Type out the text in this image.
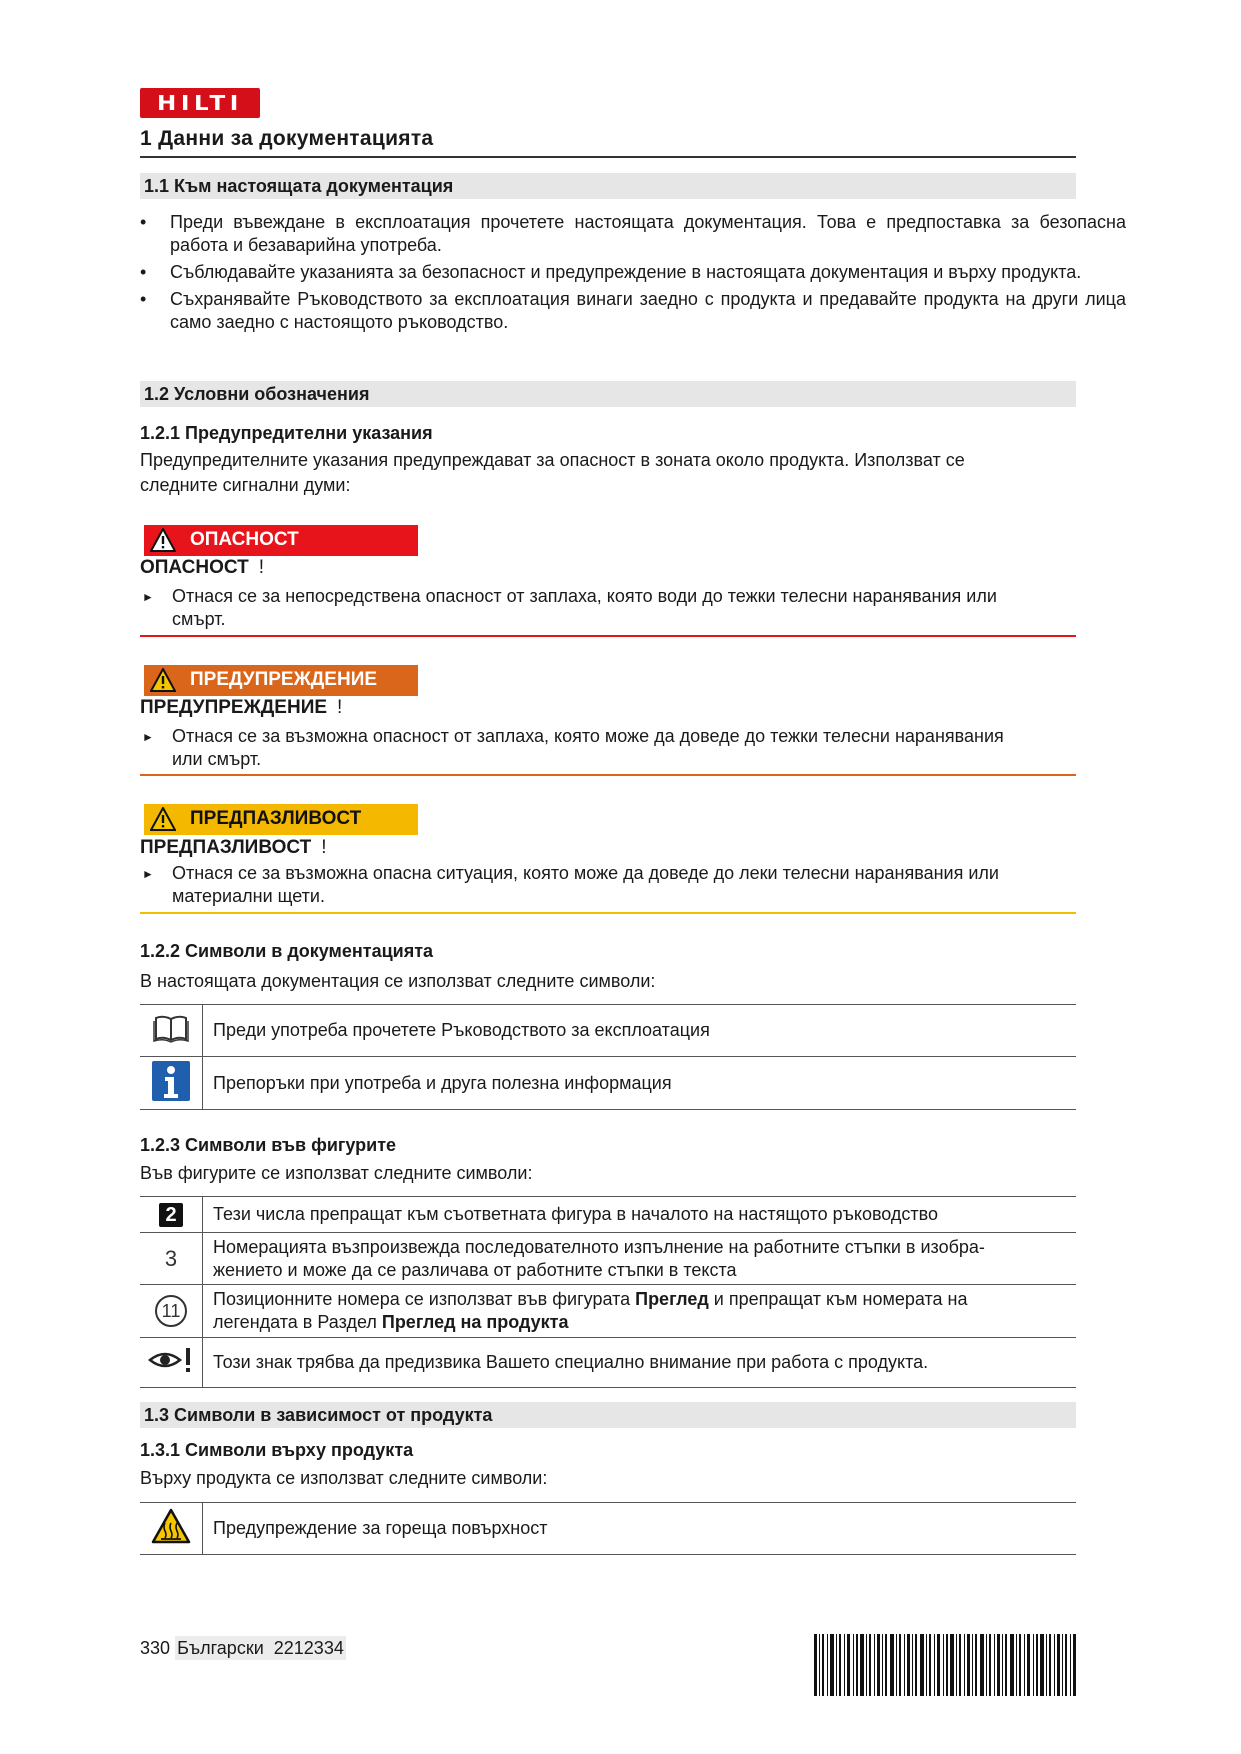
HILTI
1 Данни за документацията
1.1 Към настоящата документация
• Преди въвеждане в експлоатация прочетете настоящата документация. Това е предпоставка за безопасна работа и безаварийна употреба.
• Съблюдавайте указанията за безопасност и предупреждение в настоящата документация и върху продукта.
• Съхранявайте Ръководството за експлоатация винаги заедно с продукта и предавайте продукта на други лица само заедно с настоящото ръководство.
1.2 Условни обозначения
1.2.1 Предупредителни указания
Предупредителните указания предупреждават за опасност в зоната около продукта. Използват се
следните сигнални думи:
ОПАСНОСТ
ОПАСНОСТ !
► Отнася се за непосредствена опасност от заплаха, която води до тежки телесни наранявания или
смърт.
ПРЕДУПРЕЖДЕНИЕ
ПРЕДУПРЕЖДЕНИЕ !
► Отнася се за възможна опасност от заплаха, която може да доведе до тежки телесни наранявания
или смърт.
ПРЕДПАЗЛИВОСТ
ПРЕДПАЗЛИВОСТ !
► Отнася се за възможна опасна ситуация, която може да доведе до леки телесни наранявания или
материални щети.
1.2.2 Символи в документацията
В настоящата документация се използват следните символи:
	Преди употреба прочетете Ръководството за експлоатация
	Препоръки при употреба и друга полезна информация
1.2.3 Символи във фигурите
Във фигурите се използват следните символи:
2	Тези числа препращат към съответната фигура в началото на настящото ръководство
3	Номерацията възпроизвежда последователното изпълнение на работните стъпки в изобра-
жението и може да се различава от работните стъпки в текста

11	Позиционните номера се използват във фигурата Преглед и препращат към номерата на
легендата в Раздел Преглед на продукта

	Този знак трябва да предизвика Вашето специално внимание при работа с продукта.
1.3 Символи в зависимост от продукта
1.3.1 Символи върху продукта
Върху продукта се използват следните символи:
	Предупреждение за гореща повърхност
330 Български 2212334
